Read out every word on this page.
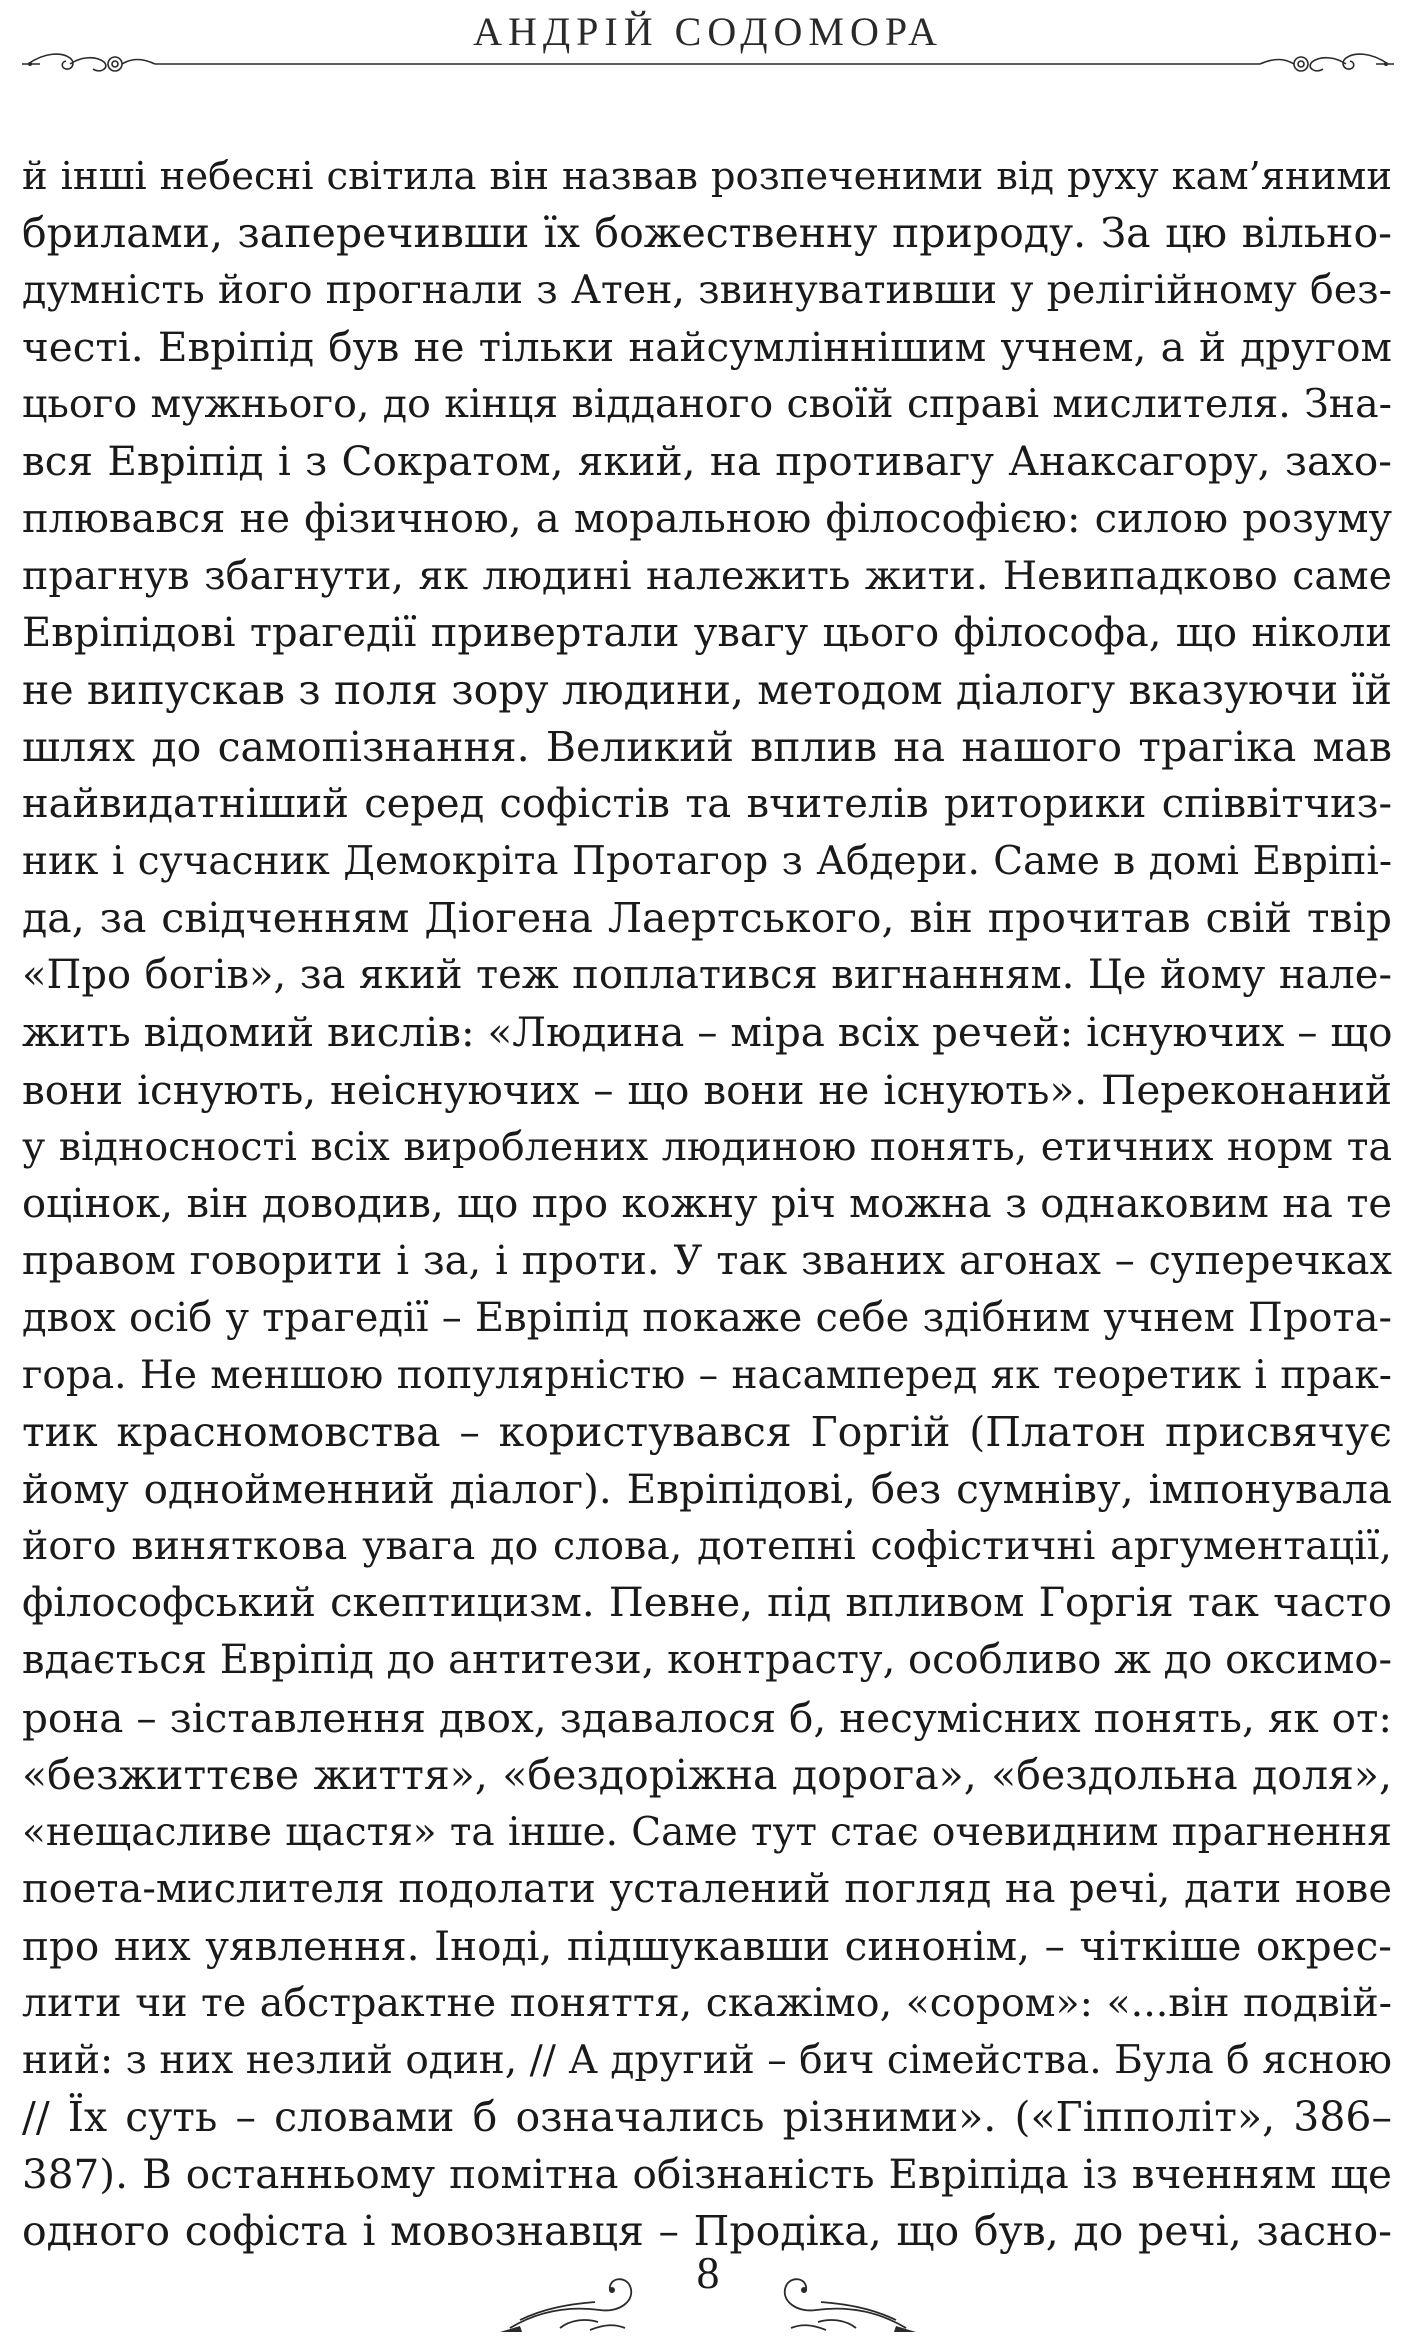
АНДРІЙ СОДОМОРА
й інші небесні світила він назвав розпеченими від руху кам’яними
брилами, заперечивши їх божественну природу. За цю вільно-
думність його прогнали з Атен, звинувативши у релігійному без-
честі. Евріпід був не тільки найсумліннішим учнем, а й другом
цього мужнього, до кінця відданого своїй справі мислителя. Зна-
вся Евріпід і з Сократом, який, на противагу Анаксагору, захо-
плювався не фізичною, а моральною філософією: силою розуму
прагнув збагнути, як людині належить жити. Невипадково саме
Евріпідові трагедії привертали увагу цього філософа, що ніколи
не випускав з поля зору людини, методом діалогу вказуючи їй
шлях до самопізнання. Великий вплив на нашого трагіка мав
найвидатніший серед софістів та вчителів риторики співвітчиз-
ник і сучасник Демокріта Протагор з Абдери. Саме в домі Евріпі-
да, за свідченням Діогена Лаертського, він прочитав свій твір
«Про богів», за який теж поплатився вигнанням. Це йому нале-
жить відомий вислів: «Людина – міра всіх речей: існуючих – що
вони існують, неіснуючих – що вони не існують». Переконаний
у відносності всіх вироблених людиною понять, етичних норм та
оцінок, він доводив, що про кожну річ можна з однаковим на те
правом говорити і за, і проти. У так званих агонах – суперечках
двох осіб у трагедії – Евріпід покаже себе здібним учнем Прота-
гора. Не меншою популярністю – насамперед як теоретик і прак-
тик красномовства – користувався Горгій (Платон присвячує
йому однойменний діалог). Евріпідові, без сумніву, імпонувала
його виняткова увага до слова, дотепні софістичні аргументації,
філософський скептицизм. Певне, під впливом Горгія так часто
вдається Евріпід до антитези, контрасту, особливо ж до оксимо-
рона – зіставлення двох, здавалося б, несумісних понять, як от:
«безжиттєве життя», «бездоріжна дорога», «бездольна доля»,
«нещасливе щастя» та інше. Саме тут стає очевидним прагнення
поета-мислителя подолати усталений погляд на речі, дати нове
про них уявлення. Іноді, підшукавши синонім, – чіткіше окрес-
лити чи те абстрактне поняття, скажімо, «сором»: «...він подвій-
ний: з них незлий один, // А другий – бич сімейства. Була б ясною
// Їх суть – словами б означались різними». («Гіпполіт», 386–
387). В останньому помітна обізнаність Евріпіда із вченням ще
одного софіста і мовознавця – Продіка, що був, до речі, засно-
8
